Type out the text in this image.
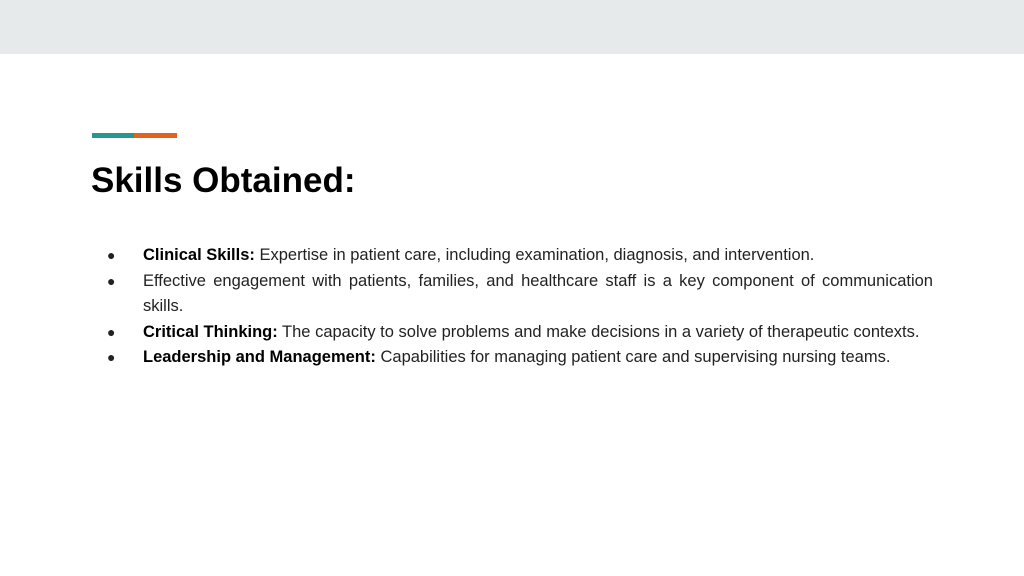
Skills Obtained:
● Clinical Skills: Expertise in patient care, including examination, diagnosis, and intervention.
● Effective engagement with patients, families, and healthcare staff is a key component of communication skills.
● Critical Thinking: The capacity to solve problems and make decisions in a variety of therapeutic contexts.
● Leadership and Management: Capabilities for managing patient care and supervising nursing teams.
